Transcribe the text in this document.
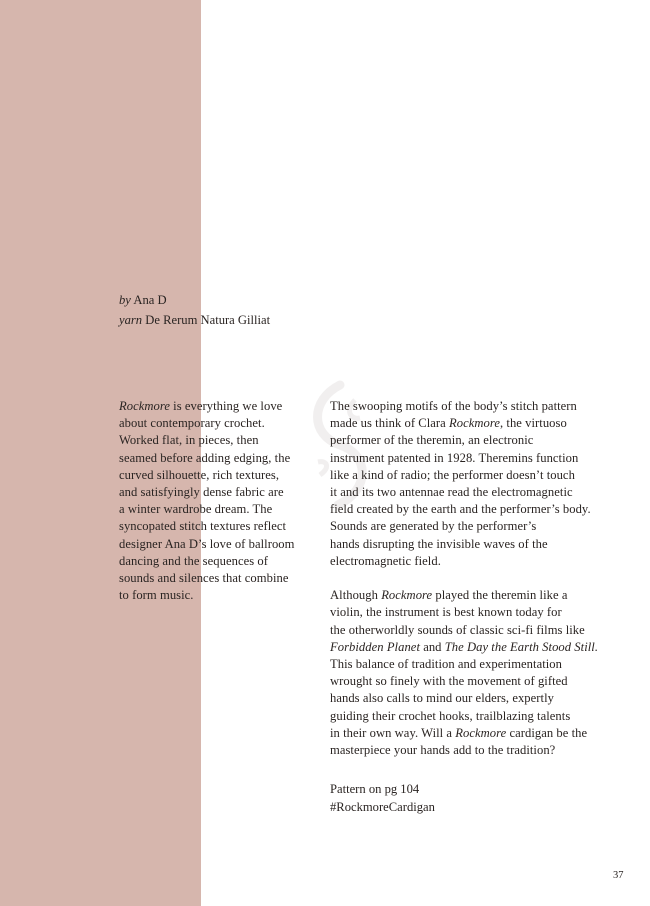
by Ana D
yarn De Rerum Natura Gilliat
Rockmore is everything we love
about contemporary crochet.
Worked flat, in pieces, then
seamed before adding edging, the
curved silhouette, rich textures,
and satisfyingly dense fabric are
a winter wardrobe dream. The
syncopated stitch textures reflect
designer Ana D’s love of ballroom
dancing and the sequences of
sounds and silences that combine
to form music.
The swooping motifs of the body’s stitch pattern
made us think of Clara Rockmore, the virtuoso
performer of the theremin, an electronic
instrument patented in 1928. Theremins function
like a kind of radio; the performer doesn’t touch
it and its two antennae read the electromagnetic
field created by the earth and the performer’s body.
Sounds are generated by the performer’s
hands disrupting the invisible waves of the
electromagnetic field.
Although Rockmore played the theremin like a
violin, the instrument is best known today for
the otherworldly sounds of classic sci-fi films like
Forbidden Planet and The Day the Earth Stood Still.
This balance of tradition and experimentation
wrought so finely with the movement of gifted
hands also calls to mind our elders, expertly
guiding their crochet hooks, trailblazing talents
in their own way. Will a Rockmore cardigan be the
masterpiece your hands add to the tradition?
Pattern on pg 104
#RockmoreCardigan
37
